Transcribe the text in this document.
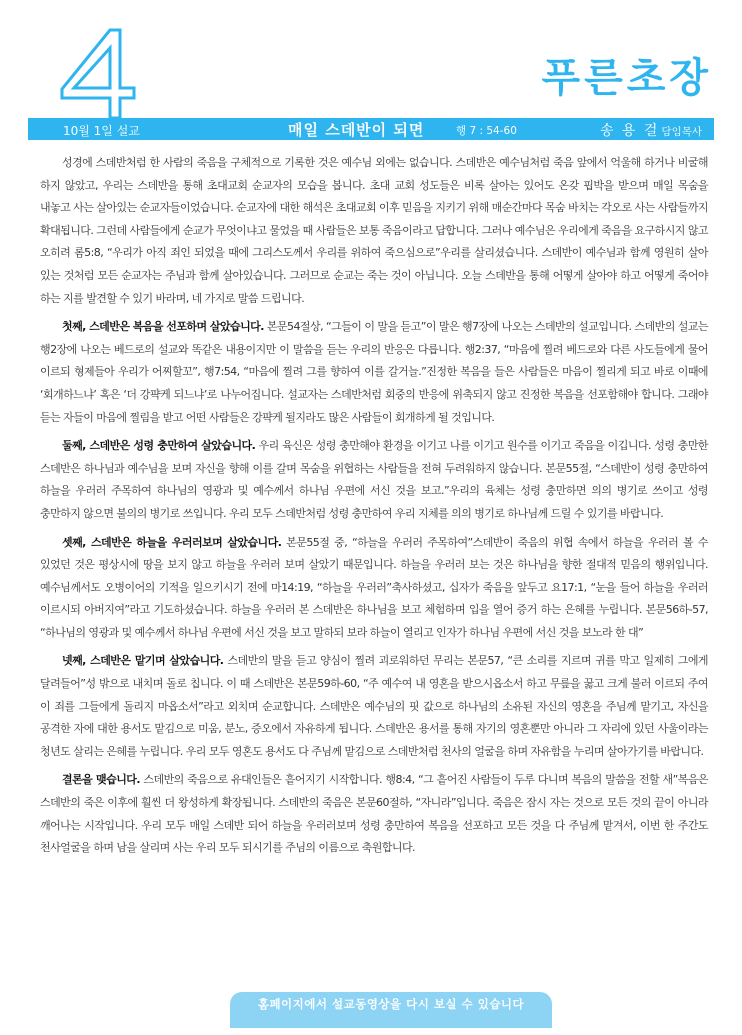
푸른초장
10월 1일 설교	매일 스데반이 되면	행 7 : 54-60	송 용 걸 담임목사

성경에 스데반처럼 한 사람의 죽음을 구체적으로 기록한 것은 예수님 외에는 없습니다. 스데반은 예수님처럼 죽음 앞에서 억울해 하거나 비굴해 하지 않았고, 우리는 스데반을 통해 초대교회 순교자의 모습을 봅니다. 초대 교회 성도들은 비록 살아는 있어도 온갖 핍박을 받으며 매일 목숨을 내놓고 사는 살아있는 순교자들이었습니다. 순교자에 대한 해석은 초대교회 이후 믿음을 지키기 위해 매순간마다 목숨 바치는 각오로 사는 사람들까지 확대됩니다. 그런데 사람들에게 순교가 무엇이냐고 물었을 때 사람들은 보통 죽음이라고 답합니다. 그러나 예수님은 우리에게 죽음을 요구하시지 않고 오히려 롬5:8, “우리가 아직 죄인 되었을 때에 그리스도께서 우리를 위하여 죽으심으로”우리를 살리셨습니다. 스데반이 예수님과 함께 영원히 살아 있는 것처럼 모든 순교자는 주님과 함께 살아있습니다. 그러므로 순교는 죽는 것이 아닙니다. 오늘 스데반을 통해 어떻게 살아야 하고 어떻게 죽어야 하는 지를 발견할 수 있기 바라며, 네 가지로 말씀 드립니다.

첫째, 스데반은 복음을 선포하며 살았습니다. 본문54절상, “그들이 이 말을 듣고”이 말은 행7장에 나오는 스데반의 설교입니다. 스데반의 설교는 행2장에 나오는 베드로의 설교와 똑같은 내용이지만 이 말씀을 듣는 우리의 반응은 다릅니다. 행2:37, “마음에 찔려 베드로와 다른 사도들에게 물어 이르되 형제들아 우리가 어찌할꼬”, 행7:54, “마음에 찔려 그를 향하여 이를 갈거늘.”진정한 복음을 들은 사람들은 마음이 찔리게 되고 바로 이때에 ‘회개하느냐’ 혹은 ‘더 강퍅케 되느냐’로 나누어집니다. 설교자는 스데반처럼 회중의 반응에 위축되지 않고 진정한 복음을 선포함해야 합니다. 그래야 듣는 자들이 마음에 찔림을 받고 어떤 사람들은 강퍅케 될지라도 많은 사람들이 회개하게 될 것입니다.

둘째, 스데반은 성령 충만하여 살았습니다. 우리 육신은 성령 충만해야 환경을 이기고 나를 이기고 원수를 이기고 죽음을 이깁니다. 성령 충만한 스데반은 하나님과 예수님을 보며 자신을 향해 이를 갈며 목숨을 위협하는 사람들을 전혀 두려워하지 않습니다. 본문55절, “스데반이 성령 충만하여 하늘을 우러러 주목하여 하나님의 영광과 및 예수께서 하나님 우편에 서신 것을 보고.”우리의 육체는 성령 충만하면 의의 병기로 쓰이고 성령 충만하지 않으면 불의의 병기로 쓰입니다. 우리 모두 스데반처럼 성령 충만하여 우리 지체를 의의 병기로 하나님께 드릴 수 있기를 바랍니다.

셋째, 스데반은 하늘을 우러러보며 살았습니다. 본문55절 중, “하늘을 우러러 주목하여”스데반이 죽음의 위협 속에서 하늘을 우러러 볼 수 있었던 것은 평상시에 땅을 보지 않고 하늘을 우러러 보며 살았기 때문입니다. 하늘을 우러러 보는 것은 하나님을 향한 절대적 믿음의 행위입니다. 예수님께서도 오병이어의 기적을 일으키시기 전에 마14:19, “하늘을 우러러”축사하셨고, 십자가 죽음을 앞두고 요17:1, “눈을 들어 하늘을 우러러 이르시되 아버지여”라고 기도하셨습니다. 하늘을 우러러 본 스데반은 하나님을 보고 체험하며 입을 열어 증거 하는 은혜를 누립니다. 본문56하-57, “하나님의 영광과 및 예수께서 하나님 우편에 서신 것을 보고 말하되 보라 하늘이 열리고 인자가 하나님 우편에 서신 것을 보노라 한 대”

넷째, 스데반은 맡기며 살았습니다. 스데반의 말을 듣고 양심이 찔려 괴로워하던 무리는 본문57, “큰 소리를 지르며 귀를 막고 일제히 그에게 달려들어”성 밖으로 내치며 돌로 칩니다. 이 때 스데반은 본문59하-60, “주 예수여 내 영혼을 받으시옵소서 하고 무릎을 꿇고 크게 불러 이르되 주여 이 죄를 그들에게 돌리지 마옵소서”라고 외치며 순교합니다. 스데반은 예수님의 핏 값으로 하나님의 소유된 자신의 영혼을 주님께 맡기고, 자신을 공격한 자에 대한 용서도 맡김으로 미움, 분노, 증오에서 자유하게 됩니다. 스데반은 용서를 통해 자기의 영혼뿐만 아니라 그 자리에 있던 사울이라는 청년도 살리는 은혜를 누립니다. 우리 모두 영혼도 용서도 다 주님께 맡김으로 스데반처럼 천사의 얼굴을 하며 자유함을 누리며 살아가기를 바랍니다.

결론을 맺습니다. 스데반의 죽음으로 유대인들은 흩어지기 시작합니다. 행8:4, “그 흩어진 사람들이 두루 다니며 복음의 말씀을 전할 새”복음은 스데반의 죽은 이후에 훨씬 더 왕성하게 확장됩니다. 스데반의 죽음은 본문60절하, “자니라”입니다. 죽음은 잠시 자는 것으로 모든 것의 끝이 아니라 깨어나는 시작입니다. 우리 모두 매일 스데반 되어 하늘을 우러러보며 성령 충만하여 복음을 선포하고 모든 것을 다 주님께 맡겨서, 이번 한 주간도 천사얼굴을 하며 남을 살리며 사는 우리 모두 되시기를 주님의 이름으로 축원합니다.

홈페이지에서 설교동영상을 다시 보실 수 있습니다
